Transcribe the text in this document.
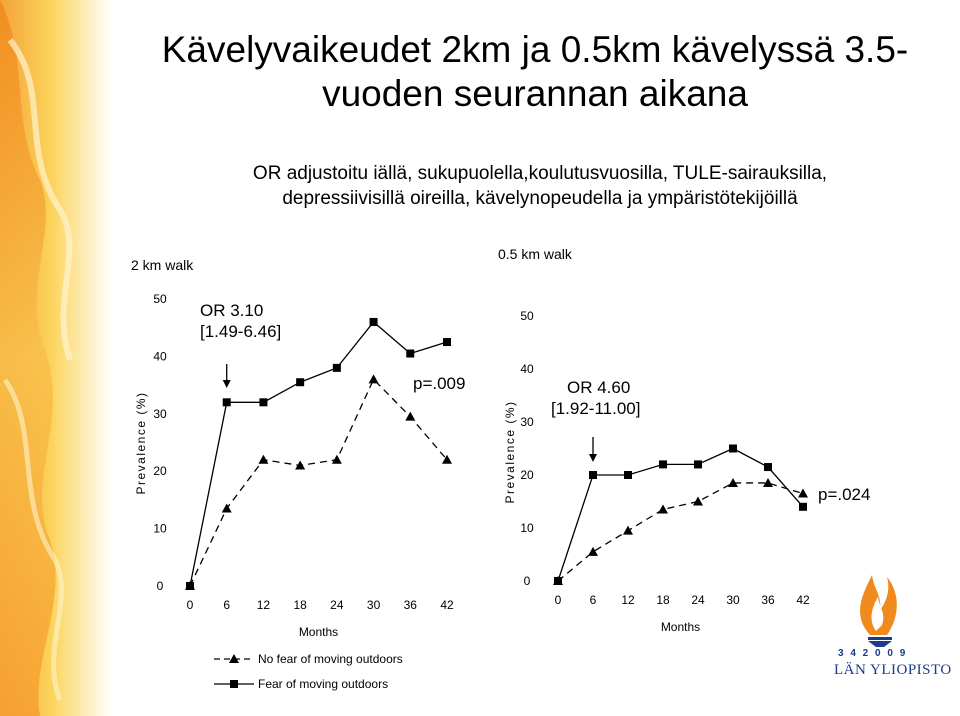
Kävelyvaikeudet 2km ja 0.5km kävelyssä 3.5-
vuoden seurannan aikana
OR adjustoitu iällä, sukupuolella,koulutusvuosilla, TULE-sairauksilla,
depressiivisillä oireilla, kävelynopeudella ja ympäristötekijöillä
2 km walk
0.5 km walk
0
10
20
30
40
50
0	6 12 18 24 30 36 42
Months
Prevalence (%)
OR 3.10
[1.49-6.46]
p=.009
No fear of moving outdoors
Fear of moving outdoors
0
10
20
30
40
50
0 6 12 18 24 30 36 42
Months
Prevalence (%)
OR 4.60
[1.92-11.00]
p=.024
3 4 2 0 0 9
LÄN YLIOPISTO
